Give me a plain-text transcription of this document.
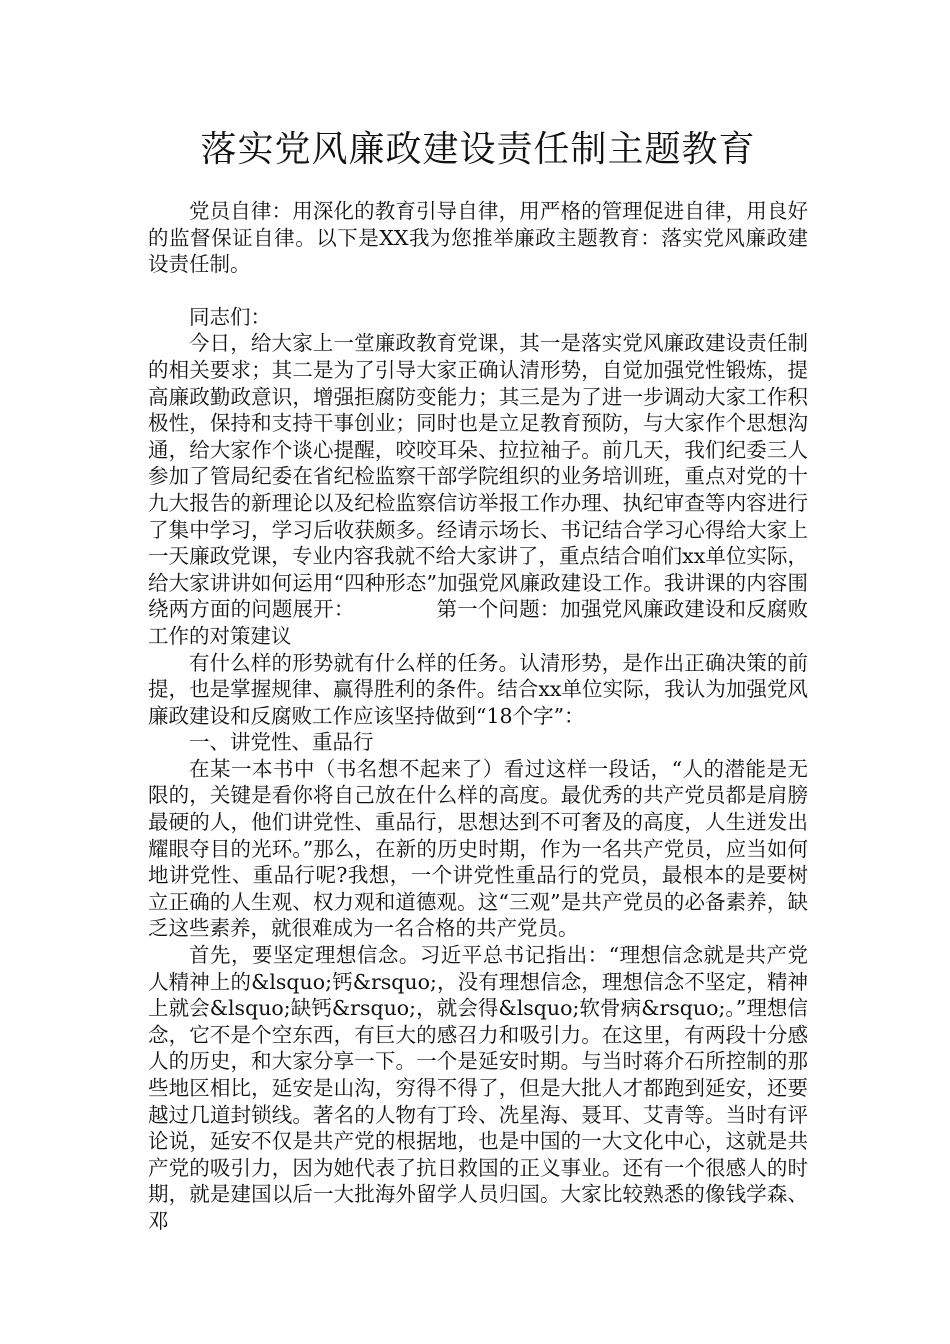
落实党风廉政建设责任制主题教育

党员自律：用深化的教育引导自律，用严格的管理促进自律，用良好的监督保证自律。以下是XX我为您推举廉政主题教育：落实党风廉政建设责任制。

同志们：

今日，给大家上一堂廉政教育党课，其一是落实党风廉政建设责任制的相关要求；其二是为了引导大家正确认清形势，自觉加强党性锻炼，提高廉政勤政意识，增强拒腐防变能力；其三是为了进一步调动大家工作积极性，保持和支持干事创业；同时也是立足教育预防，与大家作个思想沟通，给大家作个谈心提醒，咬咬耳朵、拉拉袖子。前几天，我们纪委三人参加了管局纪委在省纪检监察干部学院组织的业务培训班，重点对党的十九大报告的新理论以及纪检监察信访举报工作办理、执纪审查等内容进行了集中学习，学习后收获颇多。经请示场长、书记结合学习心得给大家上一天廉政党课，专业内容我就不给大家讲了，重点结合咱们xx单位实际，给大家讲讲如何运用“四种形态”加强党风廉政建设工作。我讲课的内容围绕两方面的问题展开：	第一个问题：加强党风廉政建设和反腐败工作的对策建议

有什么样的形势就有什么样的任务。认清形势，是作出正确决策的前提，也是掌握规律、赢得胜利的条件。结合xx单位实际，我认为加强党风廉政建设和反腐败工作应该坚持做到“18个字”：

一、讲党性、重品行

在某一本书中（书名想不起来了）看过这样一段话，“人的潜能是无限的，关键是看你将自己放在什么样的高度。最优秀的共产党员都是肩膀最硬的人，他们讲党性、重品行，思想达到不可奢及的高度，人生迸发出耀眼夺目的光环。”那么，在新的历史时期，作为一名共产党员，应当如何地讲党性、重品行呢?我想，一个讲党性重品行的党员，最根本的是要树立正确的人生观、权力观和道德观。这“三观”是共产党员的必备素养，缺乏这些素养，就很难成为一名合格的共产党员。

首先，要坚定理想信念。习近平总书记指出：“理想信念就是共产党人精神上的&lsquo;钙&rsquo;，没有理想信念，理想信念不坚定，精神上就会&lsquo;缺钙&rsquo;，就会得&lsquo;软骨病&rsquo;。”理想信念，它不是个空东西，有巨大的感召力和吸引力。在这里，有两段十分感人的历史，和大家分享一下。一个是延安时期。与当时蒋介石所控制的那些地区相比，延安是山沟，穷得不得了，但是大批人才都跑到延安，还要越过几道封锁线。著名的人物有丁玲、冼星海、聂耳、艾青等。当时有评论说，延安不仅是共产党的根据地，也是中国的一大文化中心，这就是共产党的吸引力，因为她代表了抗日救国的正义事业。还有一个很感人的时期，就是建国以后一大批海外留学人员归国。大家比较熟悉的像钱学森、邓
